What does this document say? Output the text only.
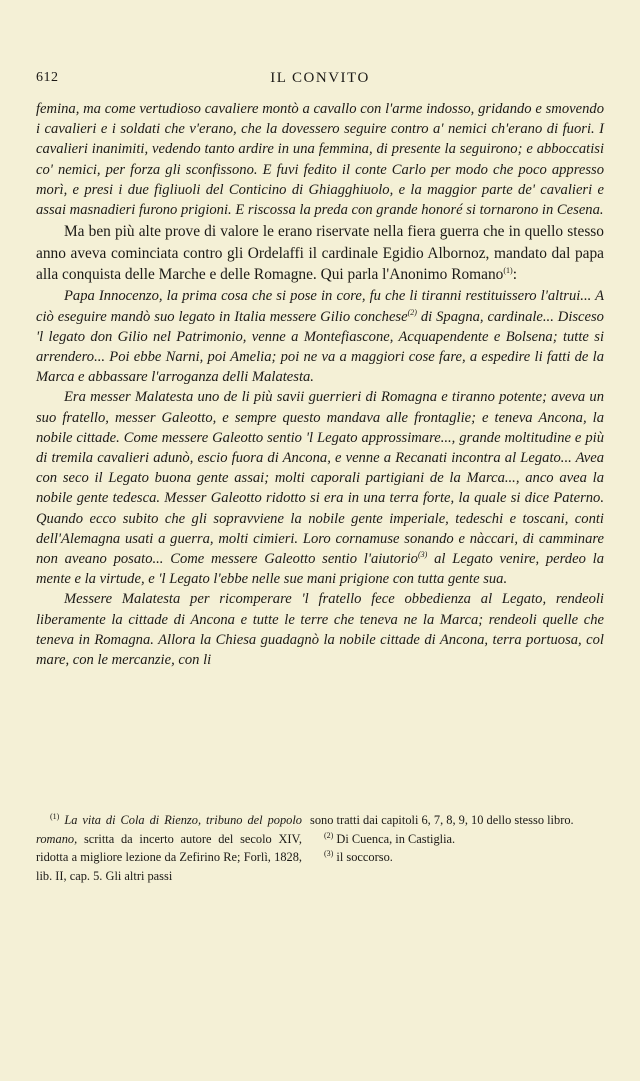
612	IL CONVITO

femina, ma come vertudioso cavaliere montò a cavallo con l'arme indosso, gridando e smovendo i cavalieri e i soldati che v'erano, che la dovessero seguire contro a' nemici ch'erano di fuori. I cavalieri inanimiti, vedendo tanto ardire in una femmina, di presente la seguirono; e abboccatisi co' nemici, per forza gli sconfissono. E fuvi fedito il conte Carlo per modo che poco appresso morì, e presi i due figliuoli del Conticino di Ghiagghiuolo, e la maggior parte de' cavalieri e assai masnadieri furono prigioni. E riscossa la preda con grande honoré si tornarono in Cesena.

Ma ben più alte prove di valore le erano riservate nella fiera guerra che in quello stesso anno aveva cominciata contro gli Ordelaffi il cardinale Egidio Albornoz, mandato dal papa alla conquista delle Marche e delle Romagne. Qui parla l'Anonimo Romano$^{(1)}$:

Papa Innocenzo, la prima cosa che si pose in core, fu che li tiranni restituissero l'altrui... A ciò eseguire mandò suo legato in Italia messere Gilio conchese$^{(2)}$ di Spagna, cardinale... Disceso 'l legato don Gilio nel Patrimonio, venne a Montefiascone, Acquapendente e Bolsena; tutte si arrendero... Poi ebbe Narni, poi Amelia; poi ne va a maggiori cose fare, a espedire li fatti de la Marca e abbassare l'arroganza delli Malatesta.

Era messer Malatesta uno de li più savii guerrieri di Romagna e tiranno potente; aveva un suo fratello, messer Galeotto, e sempre questo mandava alle frontaglie; e teneva Ancona, la nobile cittade. Come messere Galeotto sentio 'l Legato approssimare..., grande moltitudine e più di tremila cavalieri adunò, escio fuora di Ancona, e venne a Recanati incontra al Legato... Avea con seco il Legato buona gente assai; molti caporali partigiani de la Marca..., anco avea la nobile gente tedesca. Messer Galeotto ridotto si era in una terra forte, la quale si dice Paterno. Quando ecco subito che gli sopravviene la nobile gente imperiale, tedeschi e toscani, conti dell'Alemagna usati a guerra, molti cimieri. Loro cornamuse sonando e nàccari, di camminare non aveano posato... Come messere Galeotto sentio l'aiutorio$^{(3)}$ al Legato venire, perdeo la mente e la virtude, e 'l Legato l'ebbe nelle sue mani prigione con tutta gente sua.

Messere Malatesta per ricomperare 'l fratello fece obbedienza al Legato, rendeoli liberamente la cittade di Ancona e tutte le terre che teneva ne la Marca; rendeoli quelle che teneva in Romagna. Allora la Chiesa guadagnò la nobile cittade di Ancona, terra portuosa, col mare, con le mercanzie, con li

$^{(1)}$ La vita di Cola di Rienzo, tribuno del popolo romano, scritta da incerto autore del secolo XIV, ridotta a migliore lezione da Zefirino Re; Forlì, 1828, lib. II, cap. 5. Gli altri passi

sono tratti dai capitoli 6, 7, 8, 9, 10 dello stesso libro.

$^{(2)}$ Di Cuenca, in Castiglia.

$^{(3)}$ il soccorso.
